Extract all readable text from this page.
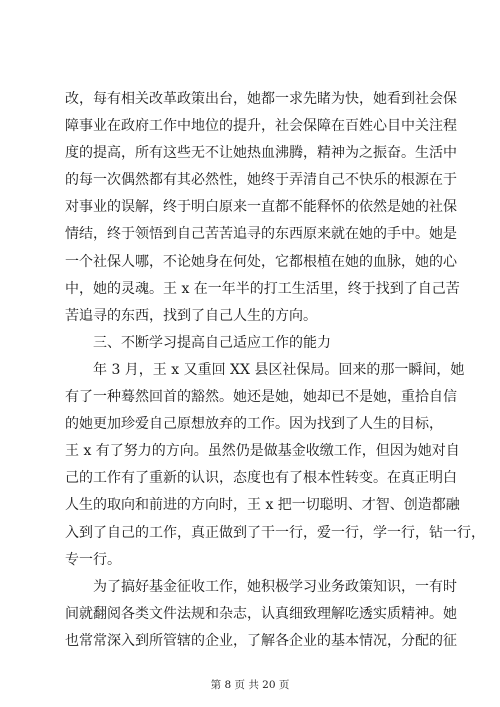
改，每有相关改革政策出台，她都一求先睹为快，她看到社会保
障事业在政府工作中地位的提升，社会保障在百姓心目中关注程
度的提高，所有这些无不让她热血沸腾，精神为之振奋。生活中
的每一次偶然都有其必然性，她终于弄清自己不快乐的根源在于
对事业的误解，终于明白原来一直都不能释怀的依然是她的社保
情结，终于领悟到自己苦苦追寻的东西原来就在她的手中。她是
一个社保人哪，不论她身在何处，它都根植在她的血脉，她的心
中，她的灵魂。王 x 在一年半的打工生活里，终于找到了自己苦
苦追寻的东西，找到了自己人生的方向。
三、不断学习提高自己适应工作的能力
年 3 月，王 x 又重回 XX 县区社保局。回来的那一瞬间，她
有了一种蓦然回首的豁然。她还是她，她却已不是她，重拾自信
的她更加珍爱自己原想放弃的工作。因为找到了人生的目标，
王 x 有了努力的方向。虽然仍是做基金收缴工作，但因为她对自
己的工作有了重新的认识，态度也有了根本性转变。在真正明白
人生的取向和前进的方向时，王 x 把一切聪明、才智、创造都融
入到了自己的工作，真正做到了干一行，爱一行，学一行，钻一行，
专一行。
为了搞好基金征收工作，她积极学习业务政策知识，一有时
间就翻阅各类文件法规和杂志，认真细致理解吃透实质精神。她
也常常深入到所管辖的企业，了解各企业的基本情况，分配的征
第 8 页 共 20 页
